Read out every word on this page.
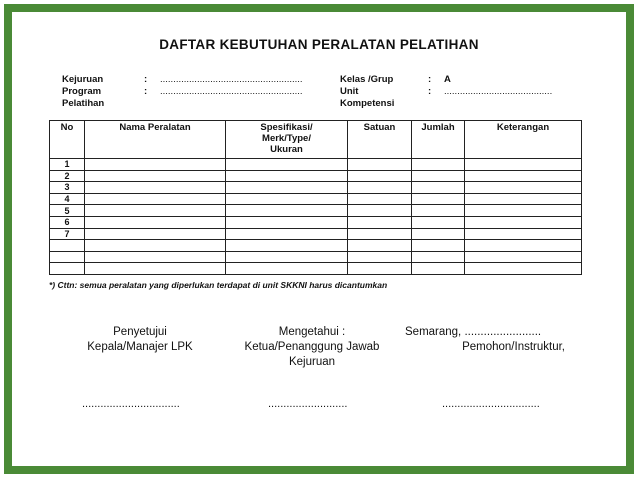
DAFTAR KEBUTUHAN PERALATAN PELATIHAN
Kejuruan	:	......................................................
Program	:	......................................................
Pelatihan
Kelas /Grup	:	A
Unit	:	.........................................
Kompetensi
No	Nama Peralatan	Spesifikasi/
Merk/Type/
Ukuran	Satuan	Jumlah	Keterangan
1					
2					
3					
4					
5					
6					
7					

*) Cttn: semua peralatan yang diperlukan terdapat di unit SKKNI harus dicantumkan
Penyetujui
Kepala/Manajer LPK
Mengetahui :
Ketua/Penanggung Jawab
Kejuruan
Semarang, ........................
Pemohon/Instruktur,
................................	..........................	................................
